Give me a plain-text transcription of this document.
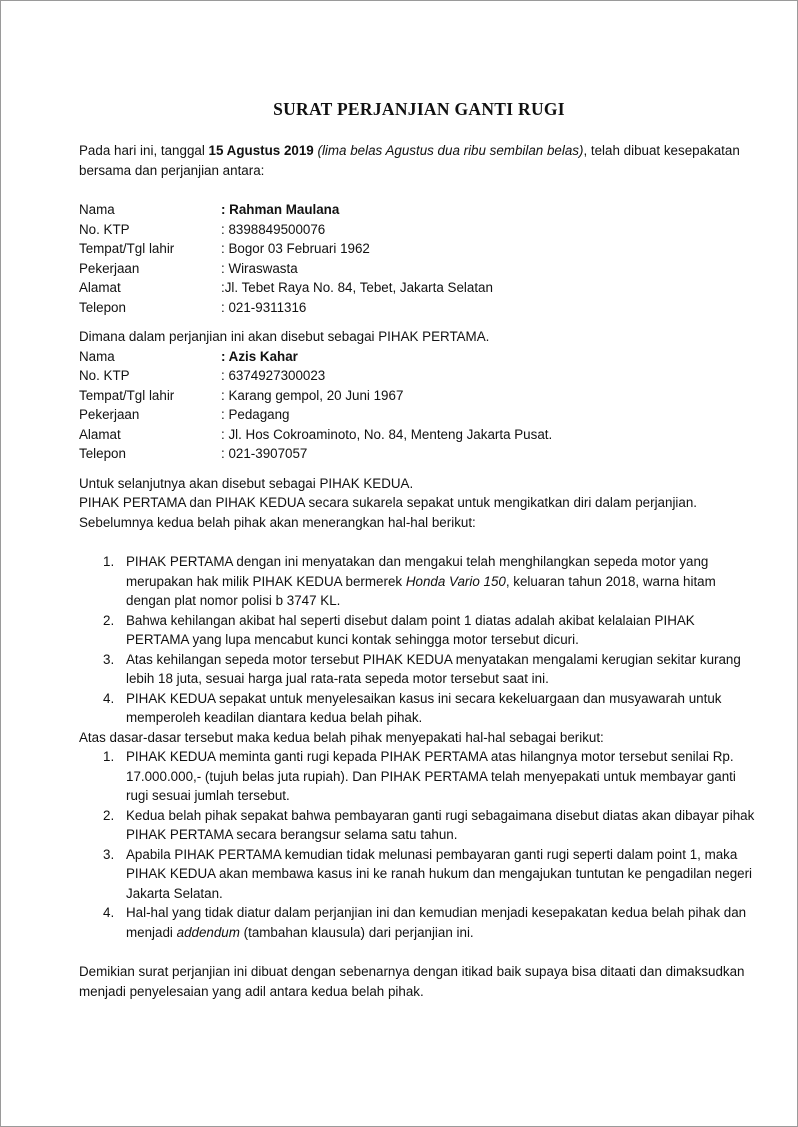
SURAT PERJANJIAN GANTI RUGI

Pada hari ini, tanggal 15 Agustus 2019 (lima belas Agustus dua ribu sembilan belas), telah dibuat kesepakatan bersama dan perjanjian antara:

Nama	: Rahman Maulana
No. KTP	: 8398849500076
Tempat/Tgl lahir	: Bogor 03 Februari 1962
Pekerjaan	: Wiraswasta
Alamat	:Jl. Tebet Raya No. 84, Tebet, Jakarta Selatan
Telepon	: 021-9311316

Dimana dalam perjanjian ini akan disebut sebagai PIHAK PERTAMA.

Nama	: Azis Kahar
No. KTP	: 6374927300023
Tempat/Tgl lahir	: Karang gempol, 20 Juni 1967
Pekerjaan	: Pedagang
Alamat	: Jl. Hos Cokroaminoto, No. 84, Menteng Jakarta Pusat.
Telepon	: 021-3907057

Untuk selanjutnya akan disebut sebagai PIHAK KEDUA.

PIHAK PERTAMA dan PIHAK KEDUA secara sukarela sepakat untuk mengikatkan diri dalam perjanjian. Sebelumnya kedua belah pihak akan menerangkan hal-hal berikut:

1. PIHAK PERTAMA dengan ini menyatakan dan mengakui telah menghilangkan sepeda motor yang merupakan hak milik PIHAK KEDUA bermerek Honda Vario 150, keluaran tahun 2018, warna hitam dengan plat nomor polisi b 3747 KL.
2. Bahwa kehilangan akibat hal seperti disebut dalam point 1 diatas adalah akibat kelalaian PIHAK PERTAMA yang lupa mencabut kunci kontak sehingga motor tersebut dicuri.
3. Atas kehilangan sepeda motor tersebut PIHAK KEDUA menyatakan mengalami kerugian sekitar kurang lebih 18 juta, sesuai harga jual rata-rata sepeda motor tersebut saat ini.
4. PIHAK KEDUA sepakat untuk menyelesaikan kasus ini secara kekeluargaan dan musyawarah untuk memperoleh keadilan diantara kedua belah pihak.

Atas dasar-dasar tersebut maka kedua belah pihak menyepakati hal-hal sebagai berikut:

1. PIHAK KEDUA meminta ganti rugi kepada PIHAK PERTAMA atas hilangnya motor tersebut senilai Rp. 17.000.000,- (tujuh belas juta rupiah). Dan PIHAK PERTAMA telah menyepakati untuk membayar ganti rugi sesuai jumlah tersebut.
2. Kedua belah pihak sepakat bahwa pembayaran ganti rugi sebagaimana disebut diatas akan dibayar pihak  PIHAK PERTAMA secara berangsur selama satu tahun.
3. Apabila PIHAK PERTAMA kemudian tidak melunasi pembayaran ganti rugi seperti dalam point 1, maka PIHAK KEDUA akan membawa kasus ini ke ranah hukum dan mengajukan tuntutan ke pengadilan negeri Jakarta Selatan.
4. Hal-hal yang tidak diatur dalam perjanjian ini dan kemudian menjadi kesepakatan kedua belah pihak dan menjadi addendum (tambahan klausula) dari perjanjian ini.

Demikian surat perjanjian ini dibuat dengan sebenarnya dengan itikad baik supaya bisa ditaati dan dimaksudkan menjadi penyelesaian yang adil antara kedua belah pihak.
